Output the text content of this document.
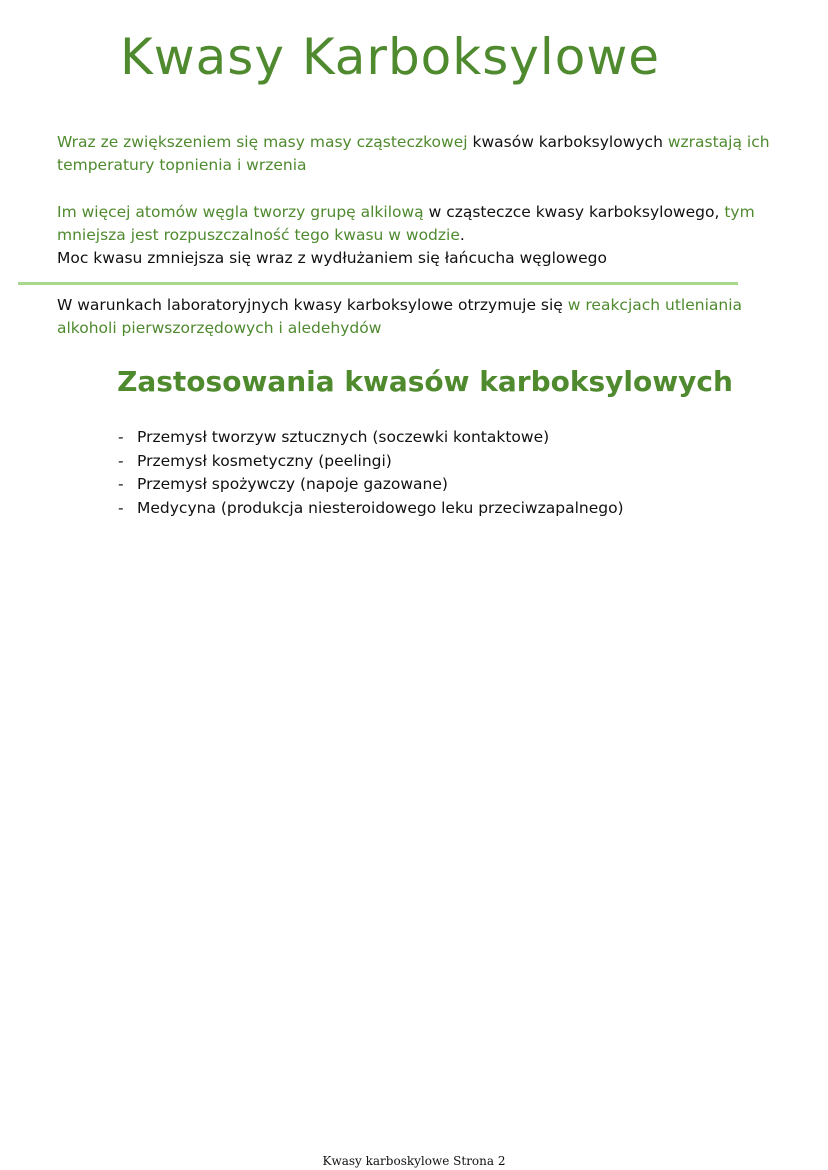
Kwasy Karboksylowe

Wraz ze zwiększeniem się masy masy cząsteczkowej kwasów karboksylowych wzrastają ich temperatury topnienia i wrzenia

Im więcej atomów węgla tworzy grupę alkilową w cząsteczce kwasy karboksylowego, tym mniejsza jest rozpuszczalność tego kwasu w wodzie.

Moc kwasu zmniejsza się wraz z wydłużaniem się łańcucha węglowego

W warunkach laboratoryjnych kwasy karboksylowe otrzymuje się w reakcjach utleniania alkoholi pierwszorzędowych i aledehydów

Zastosowania kwasów karboksylowych
- Przemysł tworzyw sztucznych (soczewki kontaktowe)
- Przemysł kosmetyczny (peelingi)
- Przemysł spożywczy (napoje gazowane)
- Medycyna (produkcja niesteroidowego leku przeciwzapalnego)
Kwasy karboskylowe Strona 2
